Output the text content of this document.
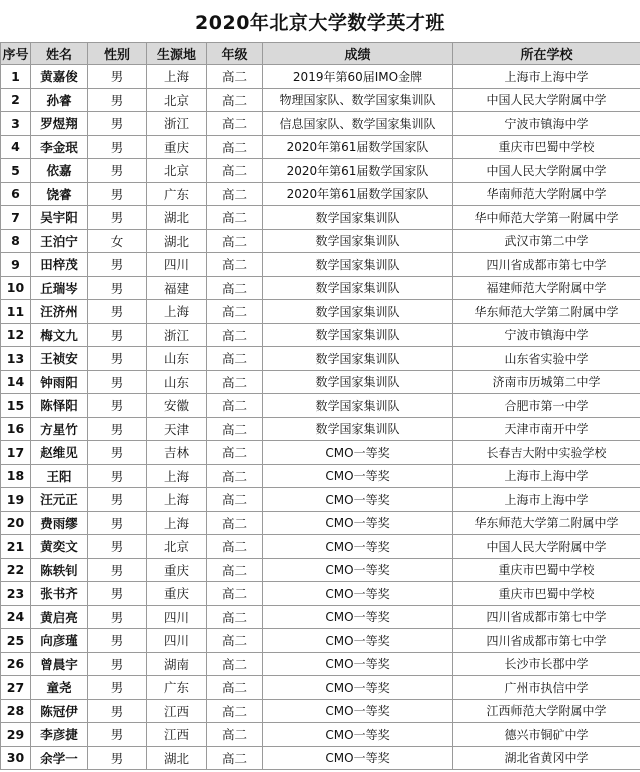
2020年北京大学数学英才班
序号	姓名	性别	生源地	年级	成绩	所在学校
1	黄嘉俊	男	上海	高二	2019年第60届IMO金牌	上海市上海中学
2	孙睿	男	北京	高二	物理国家队、数学国家集训队	中国人民大学附属中学
3	罗煜翔	男	浙江	高二	信息国家队、数学国家集训队	宁波市镇海中学
4	李金珉	男	重庆	高二	2020年第61届数学国家队	重庆市巴蜀中学校
5	依嘉	男	北京	高二	2020年第61届数学国家队	中国人民大学附属中学
6	饶睿	男	广东	高二	2020年第61届数学国家队	华南师范大学附属中学
7	吴宇阳	男	湖北	高二	数学国家集训队	华中师范大学第一附属中学
8	王泊宁	女	湖北	高二	数学国家集训队	武汉市第二中学
9	田梓茂	男	四川	高二	数学国家集训队	四川省成都市第七中学
10	丘瑞岑	男	福建	高二	数学国家集训队	福建师范大学附属中学
11	汪济州	男	上海	高二	数学国家集训队	华东师范大学第二附属中学
12	梅文九	男	浙江	高二	数学国家集训队	宁波市镇海中学
13	王祯安	男	山东	高二	数学国家集训队	山东省实验中学
14	钟雨阳	男	山东	高二	数学国家集训队	济南市历城第二中学
15	陈怿阳	男	安徽	高二	数学国家集训队	合肥市第一中学
16	方星竹	男	天津	高二	数学国家集训队	天津市南开中学
17	赵维见	男	吉林	高二	CMO一等奖	长春吉大附中实验学校
18	王阳	男	上海	高二	CMO一等奖	上海市上海中学
19	汪元正	男	上海	高二	CMO一等奖	上海市上海中学
20	费雨缪	男	上海	高二	CMO一等奖	华东师范大学第二附属中学
21	黄奕文	男	北京	高二	CMO一等奖	中国人民大学附属中学
22	陈轶钊	男	重庆	高二	CMO一等奖	重庆市巴蜀中学校
23	张书齐	男	重庆	高二	CMO一等奖	重庆市巴蜀中学校
24	黄启亮	男	四川	高二	CMO一等奖	四川省成都市第七中学
25	向彦瑾	男	四川	高二	CMO一等奖	四川省成都市第七中学
26	曾晨宇	男	湖南	高二	CMO一等奖	长沙市长郡中学
27	童尧	男	广东	高二	CMO一等奖	广州市执信中学
28	陈冠伊	男	江西	高二	CMO一等奖	江西师范大学附属中学
29	李彦捷	男	江西	高二	CMO一等奖	德兴市铜矿中学
30	余学一	男	湖北	高二	CMO一等奖	湖北省黄冈中学
